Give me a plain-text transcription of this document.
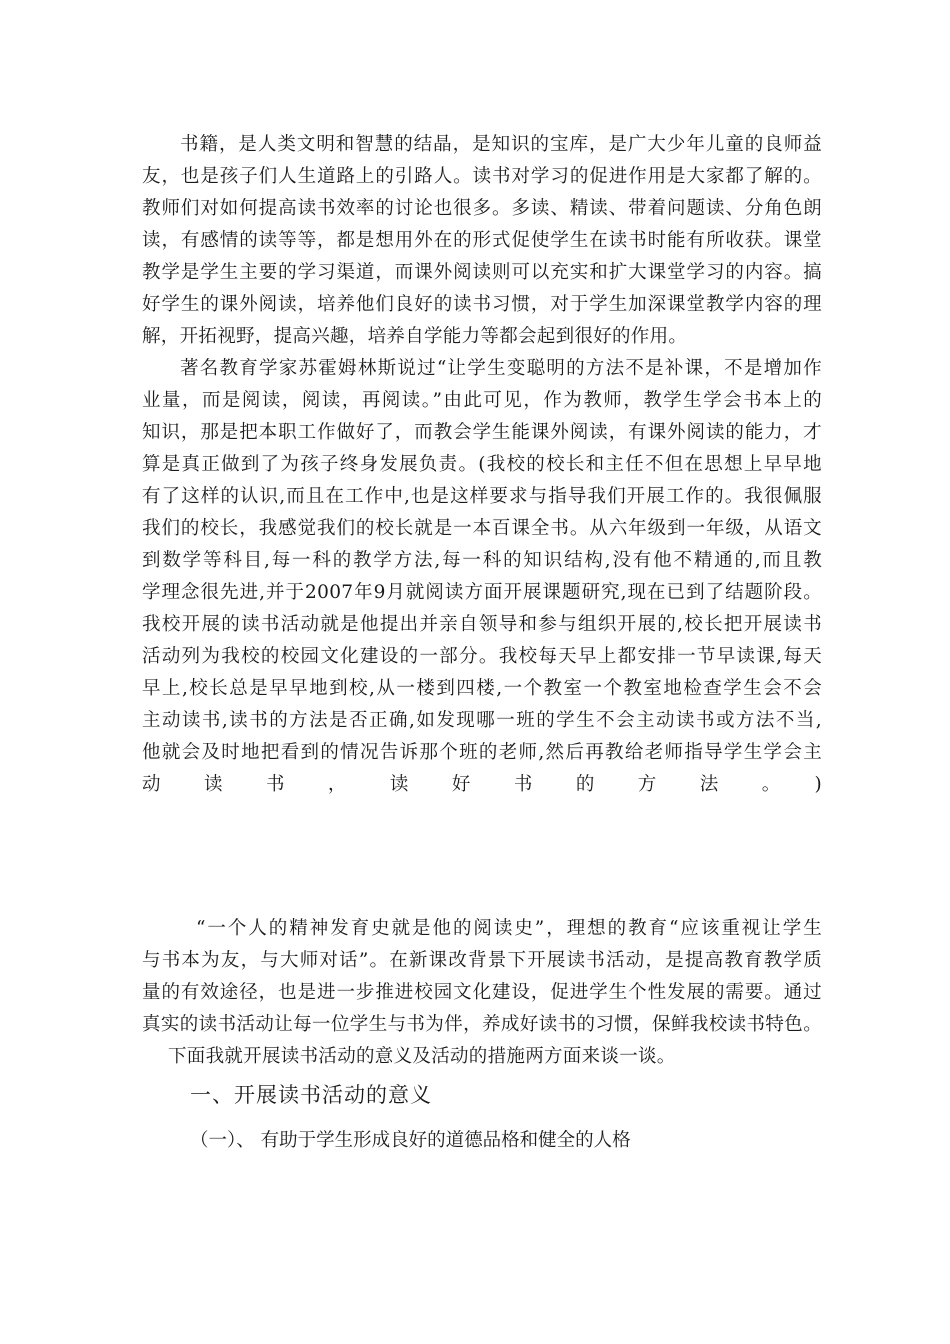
书籍，是人类文明和智慧的结晶，是知识的宝库，是广大少年儿童的良师益
友，也是孩子们人生道路上的引路人。读书对学习的促进作用是大家都了解的。
教师们对如何提高读书效率的讨论也很多。多读、精读、带着问题读、分角色朗
读，有感情的读等等，都是想用外在的形式促使学生在读书时能有所收获。课堂
教学是学生主要的学习渠道，而课外阅读则可以充实和扩大课堂学习的内容。搞
好学生的课外阅读，培养他们良好的读书习惯，对于学生加深课堂教学内容的理
解，开拓视野，提高兴趣，培养自学能力等都会起到很好的作用。
著名教育学家苏霍姆林斯说过“让学生变聪明的方法不是补课，不是增加作
业量，而是阅读，阅读，再阅读。”由此可见，作为教师，教学生学会书本上的
知识，那是把本职工作做好了，而教会学生能课外阅读，有课外阅读的能力，才
算是真正做到了为孩子终身发展负责。(我校的校长和主任不但在思想上早早地
有了这样的认识,而且在工作中,也是这样要求与指导我们开展工作的。我很佩服
我们的校长，我感觉我们的校长就是一本百课全书。从六年级到一年级，从语文
到数学等科目,每一科的教学方法,每一科的知识结构,没有他不精通的,而且教
学理念很先进,并于2007年9月就阅读方面开展课题研究,现在已到了结题阶段。
我校开展的读书活动就是他提出并亲自领导和参与组织开展的,校长把开展读书
活动列为我校的校园文化建设的一部分。我校每天早上都安排一节早读课,每天
早上,校长总是早早地到校,从一楼到四楼,一个教室一个教室地检查学生会不会
主动读书,读书的方法是否正确,如发现哪一班的学生不会主动读书或方法不当,
他就会及时地把看到的情况告诉那个班的老师,然后再教给老师指导学生学会主
动读书，读好书的方法。)
“一个人的精神发育史就是他的阅读史”，理想的教育“应该重视让学生
与书本为友，与大师对话”。在新课改背景下开展读书活动，是提高教育教学质
量的有效途径，也是进一步推进校园文化建设，促进学生个性发展的需要。通过
真实的读书活动让每一位学生与书为伴，养成好读书的习惯，保鲜我校读书特色。
下面我就开展读书活动的意义及活动的措施两方面来谈一谈。
一、开展读书活动的意义
（一）、 有助于学生形成良好的道德品格和健全的人格
